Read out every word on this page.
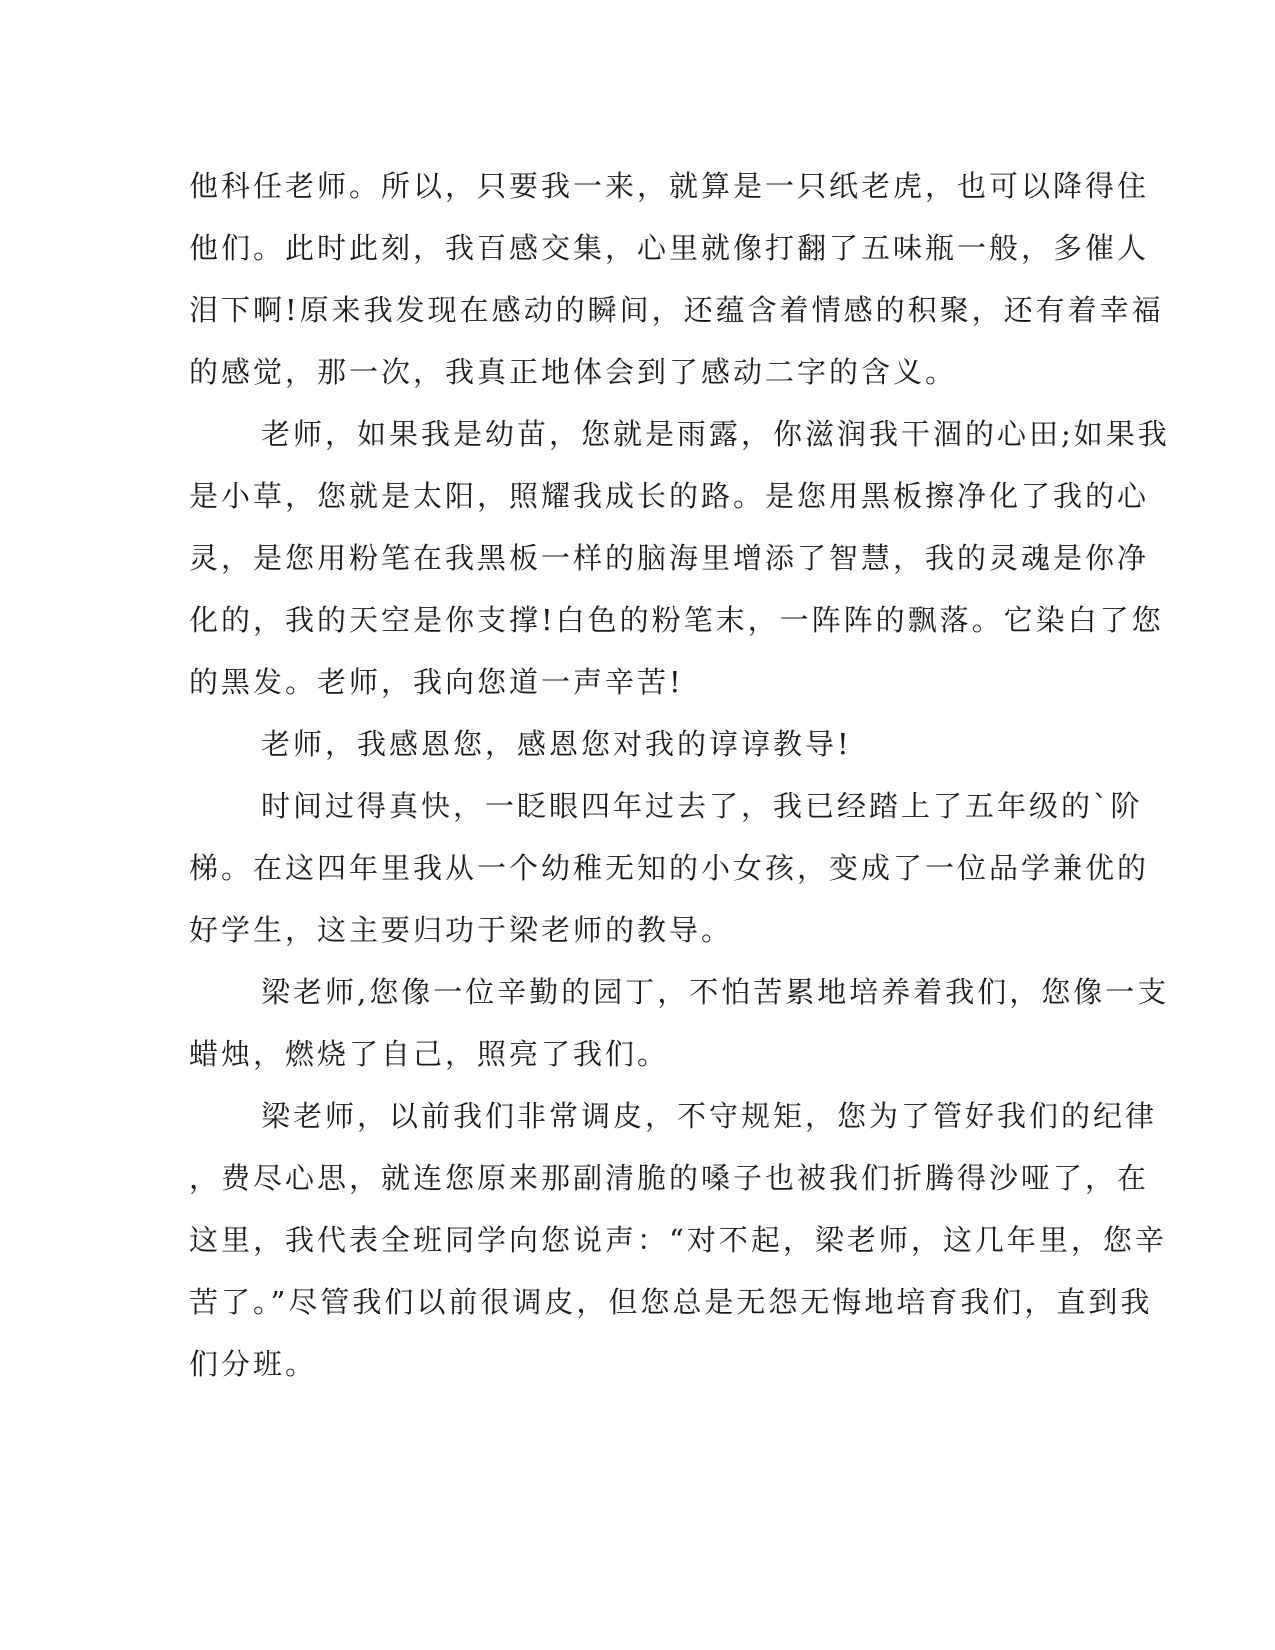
他科任老师。所以，只要我一来，就算是一只纸老虎，也可以降得住
他们。此时此刻，我百感交集，心里就像打翻了五味瓶一般，多催人
泪下啊!原来我发现在感动的瞬间，还蕴含着情感的积聚，还有着幸福
的感觉，那一次，我真正地体会到了感动二字的含义。
老师，如果我是幼苗，您就是雨露，你滋润我干涸的心田;如果我
是小草，您就是太阳，照耀我成长的路。是您用黑板擦净化了我的心
灵，是您用粉笔在我黑板一样的脑海里增添了智慧，我的灵魂是你净
化的，我的天空是你支撑!白色的粉笔末，一阵阵的飘落。它染白了您
的黑发。老师，我向您道一声辛苦!
老师，我感恩您，感恩您对我的谆谆教导!
时间过得真快，一眨眼四年过去了，我已经踏上了五年级的`阶
梯。在这四年里我从一个幼稚无知的小女孩，变成了一位品学兼优的
好学生，这主要归功于梁老师的教导。
梁老师,您像一位辛勤的园丁，不怕苦累地培养着我们，您像一支
蜡烛，燃烧了自己，照亮了我们。
梁老师，以前我们非常调皮，不守规矩，您为了管好我们的纪律
，费尽心思，就连您原来那副清脆的嗓子也被我们折腾得沙哑了，在
这里，我代表全班同学向您说声：“对不起，梁老师，这几年里，您辛
苦了。”尽管我们以前很调皮，但您总是无怨无悔地培育我们，直到我
们分班。
